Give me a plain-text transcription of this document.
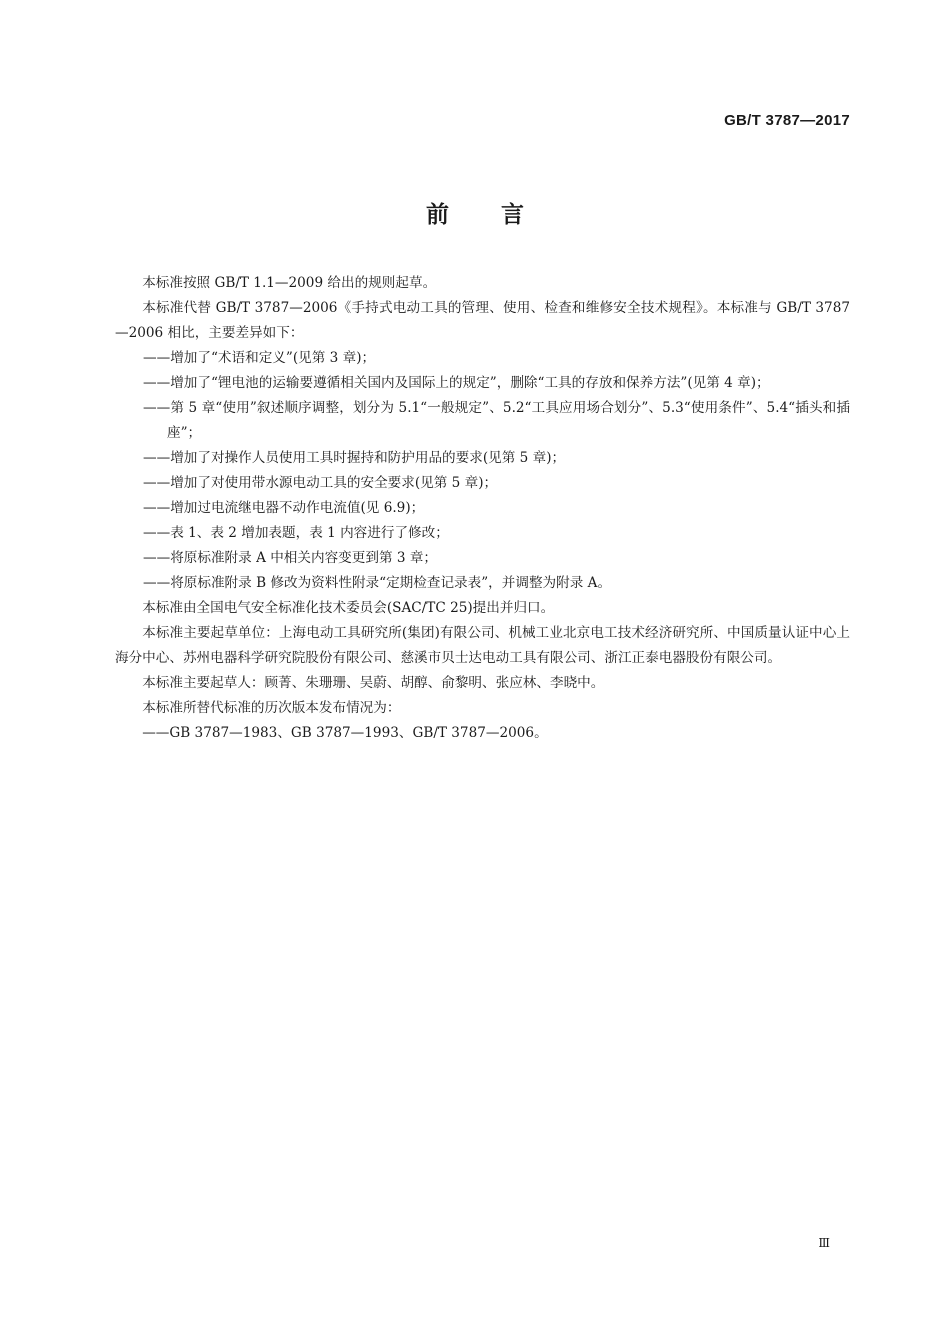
GB/T 3787—2017
前言

本标准按照 GB/T 1.1—2009 给出的规则起草。

本标准代替 GB/T 3787—2006《手持式电动工具的管理、使用、检查和维修安全技术规程》。本标准与 GB/T 3787—2006 相比，主要差异如下：

——增加了“术语和定义”(见第 3 章)；

——增加了“锂电池的运输要遵循相关国内及国际上的规定”，删除“工具的存放和保养方法”(见第 4 章)；

——第 5 章“使用”叙述顺序调整，划分为 5.1“一般规定”、5.2“工具应用场合划分”、5.3“使用条件”、5.4“插头和插座”；

——增加了对操作人员使用工具时握持和防护用品的要求(见第 5 章)；

——增加了对使用带水源电动工具的安全要求(见第 5 章)；

——增加过电流继电器不动作电流值(见 6.9)；

——表 1、表 2 增加表题，表 1 内容进行了修改；

——将原标准附录 A 中相关内容变更到第 3 章；

——将原标准附录 B 修改为资料性附录“定期检查记录表”，并调整为附录 A。

本标准由全国电气安全标准化技术委员会(SAC/TC 25)提出并归口。

本标准主要起草单位：上海电动工具研究所(集团)有限公司、机械工业北京电工技术经济研究所、中国质量认证中心上海分中心、苏州电器科学研究院股份有限公司、慈溪市贝士达电动工具有限公司、浙江正泰电器股份有限公司。

本标准主要起草人：顾菁、朱珊珊、吴蔚、胡醇、俞黎明、张应林、李晓中。

本标准所替代标准的历次版本发布情况为：

——GB 3787—1983、GB 3787—1993、GB/T 3787—2006。

Ⅲ
